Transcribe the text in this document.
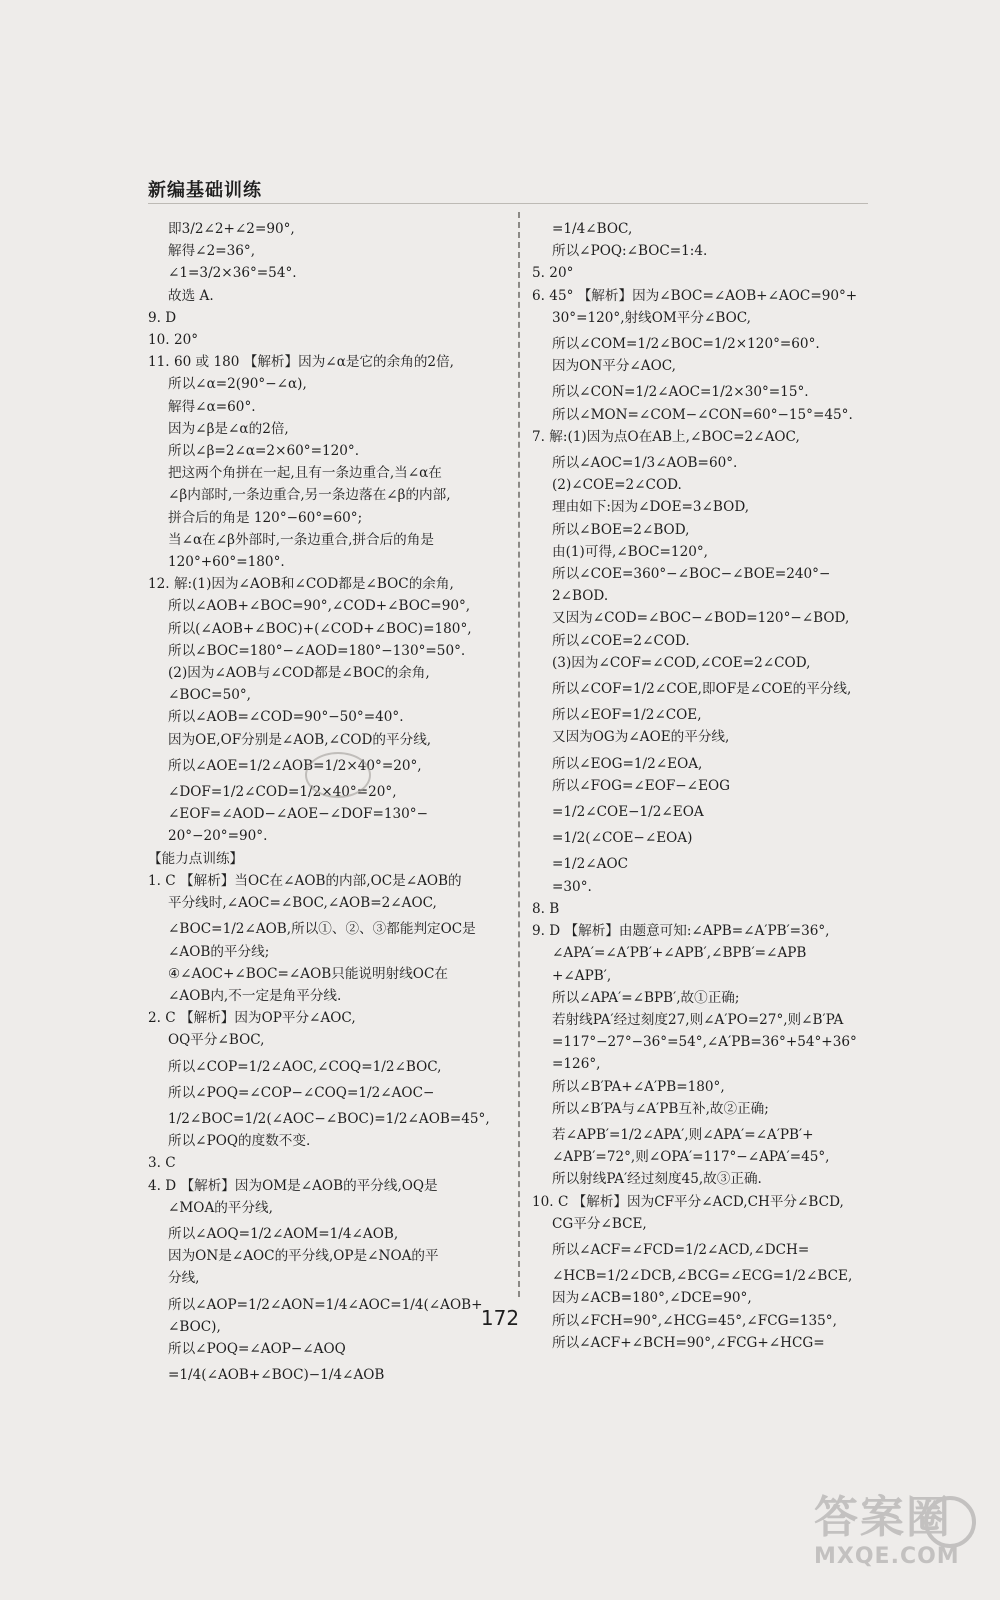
新编基础训练
即3/2∠2+∠2=90°,
解得∠2=36°,
∠1=3/2×36°=54°.
故选 A.
9. D
10. 20°
11. 60 或 180 【解析】因为∠α是它的余角的2倍,
所以∠α=2(90°−∠α),
解得∠α=60°.
因为∠β是∠α的2倍,
所以∠β=2∠α=2×60°=120°.
把这两个角拼在一起,且有一条边重合,当∠α在
∠β内部时,一条边重合,另一条边落在∠β的内部,
拼合后的角是 120°−60°=60°;
当∠α在∠β外部时,一条边重合,拼合后的角是
120°+60°=180°.
12. 解:(1)因为∠AOB和∠COD都是∠BOC的余角,
所以∠AOB+∠BOC=90°,∠COD+∠BOC=90°,
所以(∠AOB+∠BOC)+(∠COD+∠BOC)=180°,
所以∠BOC=180°−∠AOD=180°−130°=50°.
(2)因为∠AOB与∠COD都是∠BOC的余角,
∠BOC=50°,
所以∠AOB=∠COD=90°−50°=40°.
因为OE,OF分别是∠AOB,∠COD的平分线,
所以∠AOE=1/2∠AOB=1/2×40°=20°,
∠DOF=1/2∠COD=1/2×40°=20°,
∠EOF=∠AOD−∠AOE−∠DOF=130°−
20°−20°=90°.
【能力点训练】
1. C 【解析】当OC在∠AOB的内部,OC是∠AOB的
平分线时,∠AOC=∠BOC,∠AOB=2∠AOC,
∠BOC=1/2∠AOB,所以①、②、③都能判定OC是
∠AOB的平分线;
④∠AOC+∠BOC=∠AOB只能说明射线OC在
∠AOB内,不一定是角平分线.
2. C 【解析】因为OP平分∠AOC,
OQ平分∠BOC,
所以∠COP=1/2∠AOC,∠COQ=1/2∠BOC,
所以∠POQ=∠COP−∠COQ=1/2∠AOC−
1/2∠BOC=1/2(∠AOC−∠BOC)=1/2∠AOB=45°,
所以∠POQ的度数不变.
3. C
4. D 【解析】因为OM是∠AOB的平分线,OQ是
∠MOA的平分线,
所以∠AOQ=1/2∠AOM=1/4∠AOB,
因为ON是∠AOC的平分线,OP是∠NOA的平
分线,
所以∠AOP=1/2∠AON=1/4∠AOC=1/4(∠AOB+
∠BOC),
所以∠POQ=∠AOP−∠AOQ
=1/4(∠AOB+∠BOC)−1/4∠AOB
=1/4∠BOC,
所以∠POQ:∠BOC=1:4.
5. 20°
6. 45° 【解析】因为∠BOC=∠AOB+∠AOC=90°+
30°=120°,射线OM平分∠BOC,
所以∠COM=1/2∠BOC=1/2×120°=60°.
因为ON平分∠AOC,
所以∠CON=1/2∠AOC=1/2×30°=15°.
所以∠MON=∠COM−∠CON=60°−15°=45°.
7. 解:(1)因为点O在AB上,∠BOC=2∠AOC,
所以∠AOC=1/3∠AOB=60°.
(2)∠COE=2∠COD.
理由如下:因为∠DOE=3∠BOD,
所以∠BOE=2∠BOD,
由(1)可得,∠BOC=120°,
所以∠COE=360°−∠BOC−∠BOE=240°−
2∠BOD.
又因为∠COD=∠BOC−∠BOD=120°−∠BOD,
所以∠COE=2∠COD.
(3)因为∠COF=∠COD,∠COE=2∠COD,
所以∠COF=1/2∠COE,即OF是∠COE的平分线,
所以∠EOF=1/2∠COE,
又因为OG为∠AOE的平分线,
所以∠EOG=1/2∠EOA,
所以∠FOG=∠EOF−∠EOG
=1/2∠COE−1/2∠EOA
=1/2(∠COE−∠EOA)
=1/2∠AOC
=30°.
8. B
9. D 【解析】由题意可知:∠APB=∠A′PB′=36°,
∠APA′=∠A′PB′+∠APB′,∠BPB′=∠APB
+∠APB′,
所以∠APA′=∠BPB′,故①正确;
若射线PA′经过刻度27,则∠A′PO=27°,则∠B′PA
=117°−27°−36°=54°,∠A′PB=36°+54°+36°
=126°,
所以∠B′PA+∠A′PB=180°,
所以∠B′PA与∠A′PB互补,故②正确;
若∠APB′=1/2∠APA′,则∠APA′=∠A′PB′+
∠APB′=72°,则∠OPA′=117°−∠APA′=45°,
所以射线PA′经过刻度45,故③正确.
10. C 【解析】因为CF平分∠ACD,CH平分∠BCD,
CG平分∠BCE,
所以∠ACF=∠FCD=1/2∠ACD,∠DCH=
∠HCB=1/2∠DCB,∠BCG=∠ECG=1/2∠BCE,
因为∠ACB=180°,∠DCE=90°,
所以∠FCH=90°,∠HCG=45°,∠FCG=135°,
所以∠ACF+∠BCH=90°,∠FCG+∠HCG=
172
答案圈
MXQE.COM
